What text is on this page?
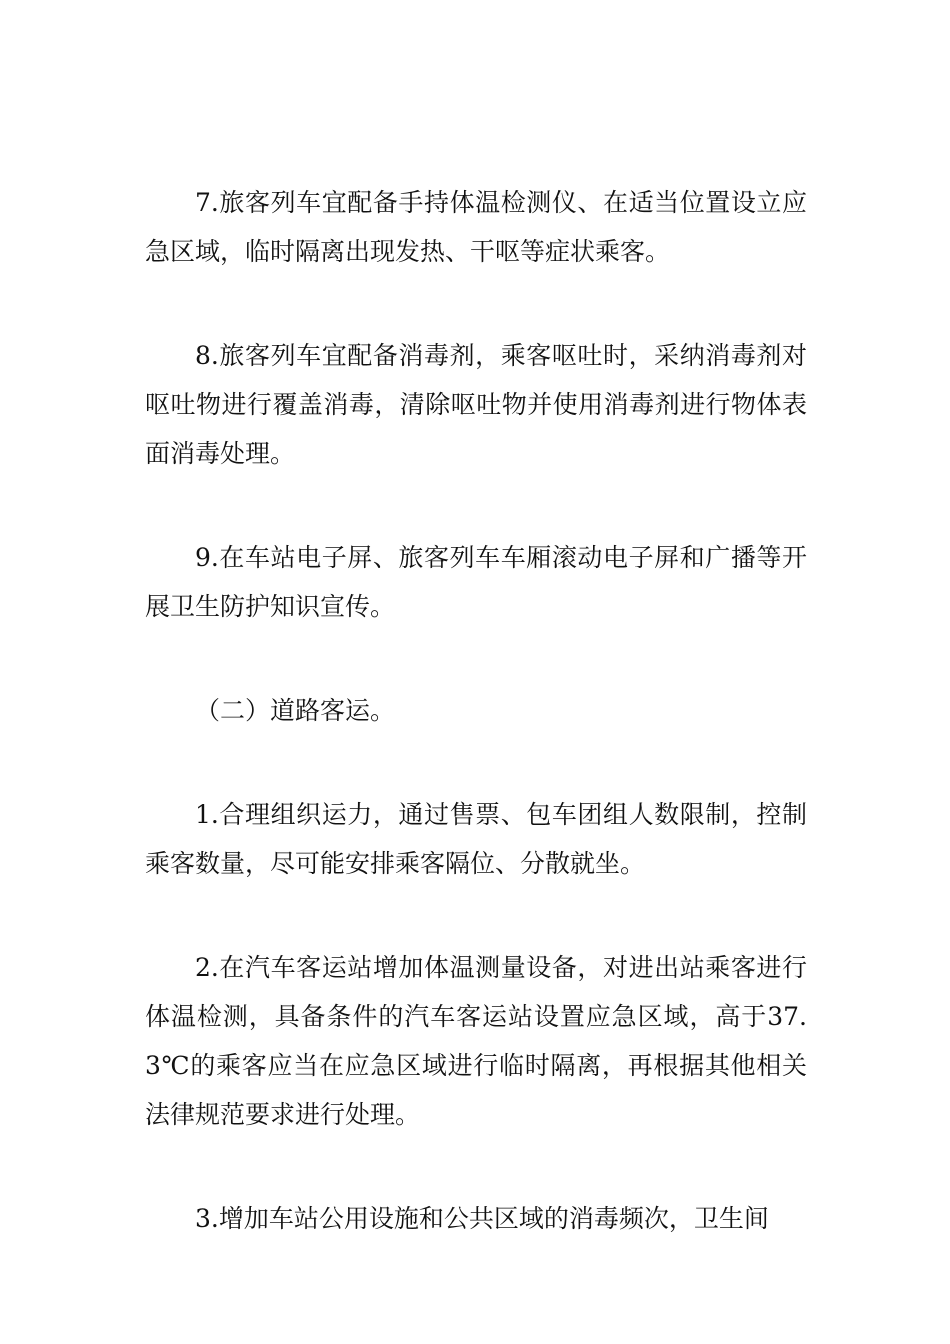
7.旅客列车宜配备手持体温检测仪、在适当位置设立应急区域，临时隔离出现发热、干呕等症状乘客。

8.旅客列车宜配备消毒剂，乘客呕吐时，采纳消毒剂对呕吐物进行覆盖消毒，清除呕吐物并使用消毒剂进行物体表面消毒处理。

9.在车站电子屏、旅客列车车厢滚动电子屏和广播等开展卫生防护知识宣传。

（二）道路客运。

1.合理组织运力，通过售票、包车团组人数限制，控制乘客数量，尽可能安排乘客隔位、分散就坐。

2.在汽车客运站增加体温测量设备，对进出站乘客进行体温检测，具备条件的汽车客运站设置应急区域，高于37.3℃的乘客应当在应急区域进行临时隔离，再根据其他相关法律规范要求进行处理。

3.增加车站公用设施和公共区域的消毒频次，卫生间
